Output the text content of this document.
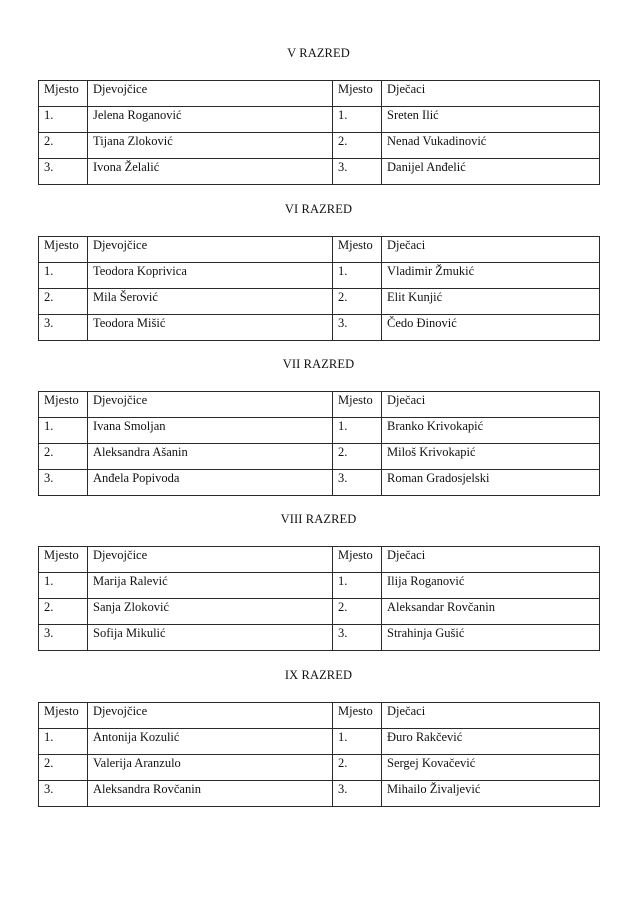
V RAZRED
Mjesto	Djevojčice	Mjesto	Dječaci
1.	Jelena Roganović	1.	Sreten Ilić
2.	Tijana Zloković	2.	Nenad Vukadinović
3.	Ivona Želalić	3.	Danijel Anđelić
VI RAZRED
Mjesto	Djevojčice	Mjesto	Dječaci
1.	Teodora Koprivica	1.	Vladimir Žmukić
2.	Mila Šerović	2.	Elit Kunjić
3.	Teodora Mišić	3.	Čedo Đinović
VII RAZRED
Mjesto	Djevojčice	Mjesto	Dječaci
1.	Ivana Smoljan	1.	Branko Krivokapić
2.	Aleksandra Ašanin	2.	Miloš Krivokapić
3.	Anđela Popivoda	3.	Roman Gradosjelski
VIII RAZRED
Mjesto	Djevojčice	Mjesto	Dječaci
1.	Marija Ralević	1.	Ilija Roganović
2.	Sanja Zloković	2.	Aleksandar Rovčanin
3.	Sofija Mikulić	3.	Strahinja Gušić
IX RAZRED
Mjesto	Djevojčice	Mjesto	Dječaci
1.	Antonija Kozulić	1.	Đuro Rakčević
2.	Valerija Aranzulo	2.	Sergej Kovačević
3.	Aleksandra Rovčanin	3.	Mihailo Živaljević
